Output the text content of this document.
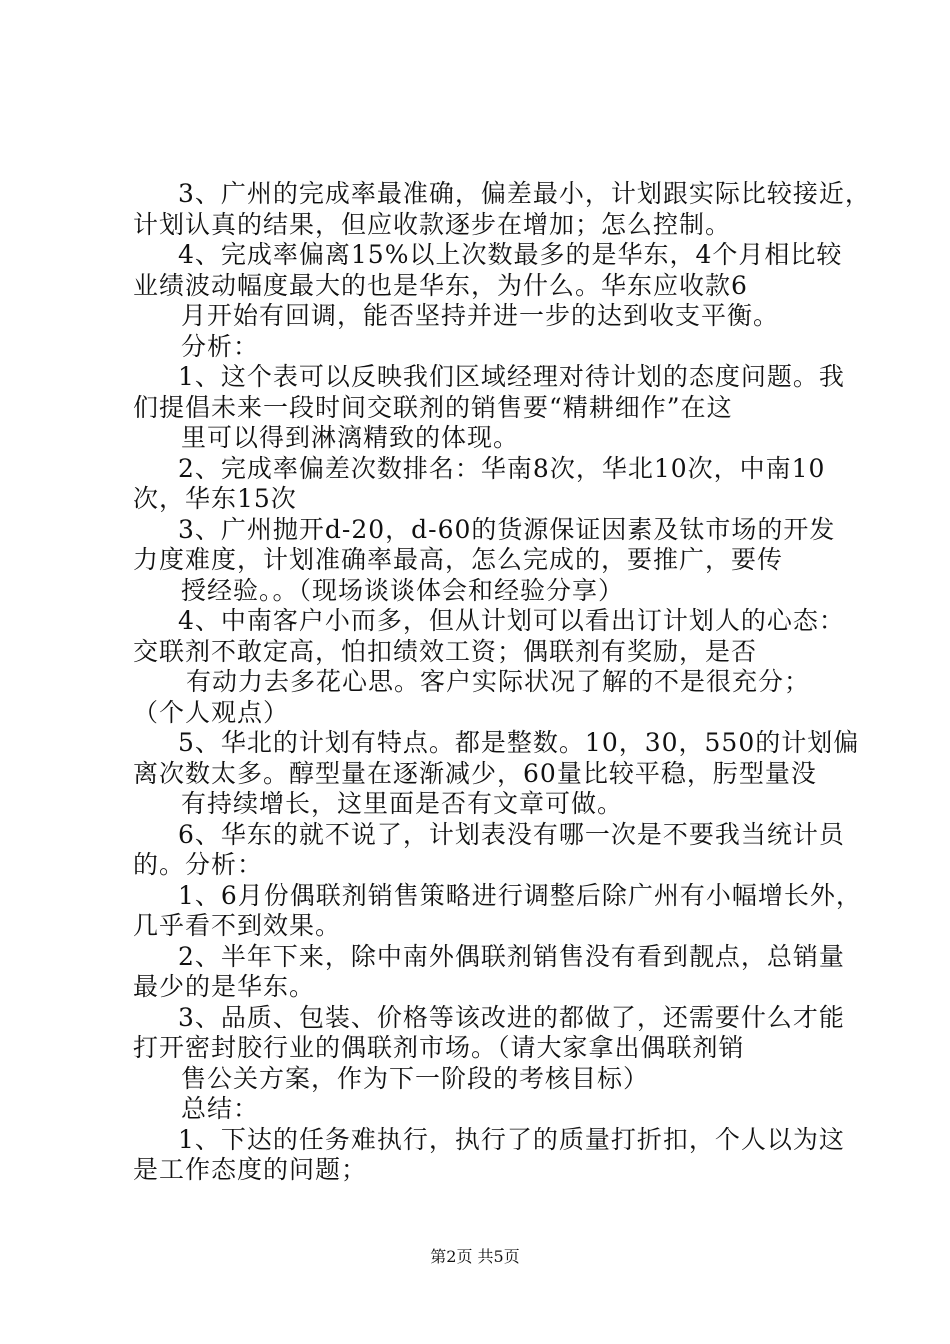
3、广州的完成率最准确，偏差最小，计划跟实际比较接近，
计划认真的结果，但应收款逐步在增加；怎么控制。
4、完成率偏离15%以上次数最多的是华东，4个月相比较
业绩波动幅度最大的也是华东，为什么。华东应收款6
月开始有回调，能否坚持并进一步的达到收支平衡。
分析：
1、这个表可以反映我们区域经理对待计划的态度问题。我
们提倡未来一段时间交联剂的销售要“精耕细作”在这
里可以得到淋漓精致的体现。
2、完成率偏差次数排名：华南8次，华北10次，中南10
次，华东15次
3、广州抛开d-20，d-60的货源保证因素及钛市场的开发
力度难度，计划准确率最高，怎么完成的，要推广，要传
授经验。。（现场谈谈体会和经验分享）
4、中南客户小而多，但从计划可以看出订计划人的心态：
交联剂不敢定高，怕扣绩效工资；偶联剂有奖励，是否
有动力去多花心思。客户实际状况了解的不是很充分；
（个人观点）
5、华北的计划有特点。都是整数。10，30，550的计划偏
离次数太多。醇型量在逐渐减少，60量比较平稳，肟型量没
有持续增长，这里面是否有文章可做。
6、华东的就不说了，计划表没有哪一次是不要我当统计员
的。分析：
1、6月份偶联剂销售策略进行调整后除广州有小幅增长外，
几乎看不到效果。
2、半年下来，除中南外偶联剂销售没有看到靓点，总销量
最少的是华东。
3、品质、包装、价格等该改进的都做了，还需要什么才能
打开密封胶行业的偶联剂市场。（请大家拿出偶联剂销
售公关方案，作为下一阶段的考核目标）
总结：
1、下达的任务难执行，执行了的质量打折扣，个人以为这
是工作态度的问题；
第2页 共5页
